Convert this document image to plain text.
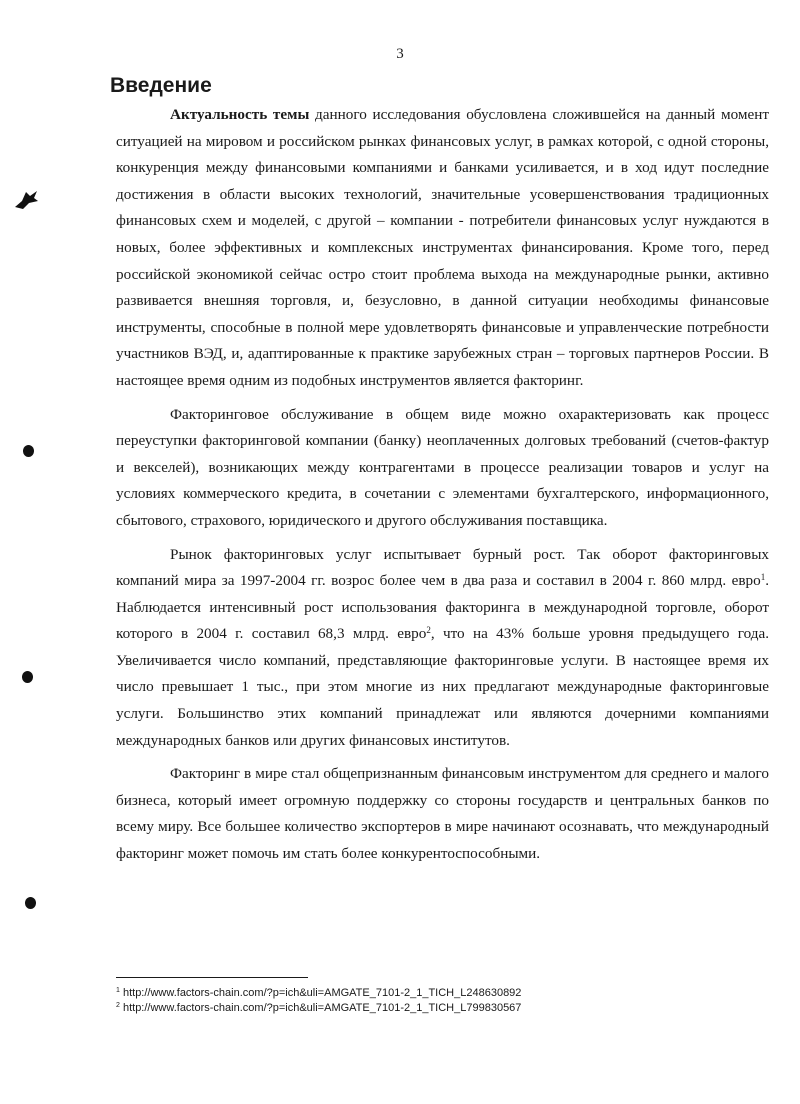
3
Введение

Актуальность темы данного исследования обусловлена сложившейся на данный момент ситуацией на мировом и российском рынках финансовых услуг, в рамках которой, с одной стороны, конкуренция между финансовыми компаниями и банками усиливается, и в ход идут последние достижения в области высоких технологий, значительные усовершенствования традиционных финансовых схем и моделей, с другой – компании - потребители финансовых услуг нуждаются в новых, более эффективных и комплексных инструментах финансирования. Кроме того, перед российской экономикой сейчас остро стоит проблема выхода на международные рынки, активно развивается внешняя торговля, и, безусловно, в данной ситуации необходимы финансовые инструменты, способные в полной мере удовлетворять финансовые и управленческие потребности участников ВЭД, и, адаптированные к практике зарубежных стран – торговых партнеров России. В настоящее время одним из подобных инструментов является факторинг.

Факторинговое обслуживание в общем виде можно охарактеризовать как процесс переуступки факторинговой компании (банку) неоплаченных долговых требований (счетов-фактур и векселей), возникающих между контрагентами в процессе реализации товаров и услуг на условиях коммерческого кредита, в сочетании с элементами бухгалтерского, информационного, сбытового, страхового, юридического и другого обслуживания поставщика.

Рынок факторинговых услуг испытывает бурный рост. Так оборот факторинговых компаний мира за 1997-2004 гг. возрос более чем в два раза и составил в 2004 г. 860 млрд. евро$^1$. Наблюдается интенсивный рост использования факторинга в международной торговле, оборот которого в 2004 г. составил 68,3 млрд. евро$^2$, что на 43% больше уровня предыдущего года. Увеличивается число компаний, представляющие факторинговые услуги. В настоящее время их число превышает 1 тыс., при этом многие из них предлагают международные факторинговые услуги. Большинство этих компаний принадлежат или являются дочерними компаниями международных банков или других финансовых институтов.

Факторинг в мире стал общепризнанным финансовым инструментом для среднего и малого бизнеса, который имеет огромную поддержку со стороны государств и центральных банков по всему миру. Все большее количество экспортеров в мире начинают осознавать, что международный факторинг может помочь им стать более конкурентоспособными.

$^1$ http://www.factors-chain.com/?p=ich&uli=AMGATE_7101-2_1_TICH_L248630892
$^2$ http://www.factors-chain.com/?p=ich&uli=AMGATE_7101-2_1_TICH_L799830567
